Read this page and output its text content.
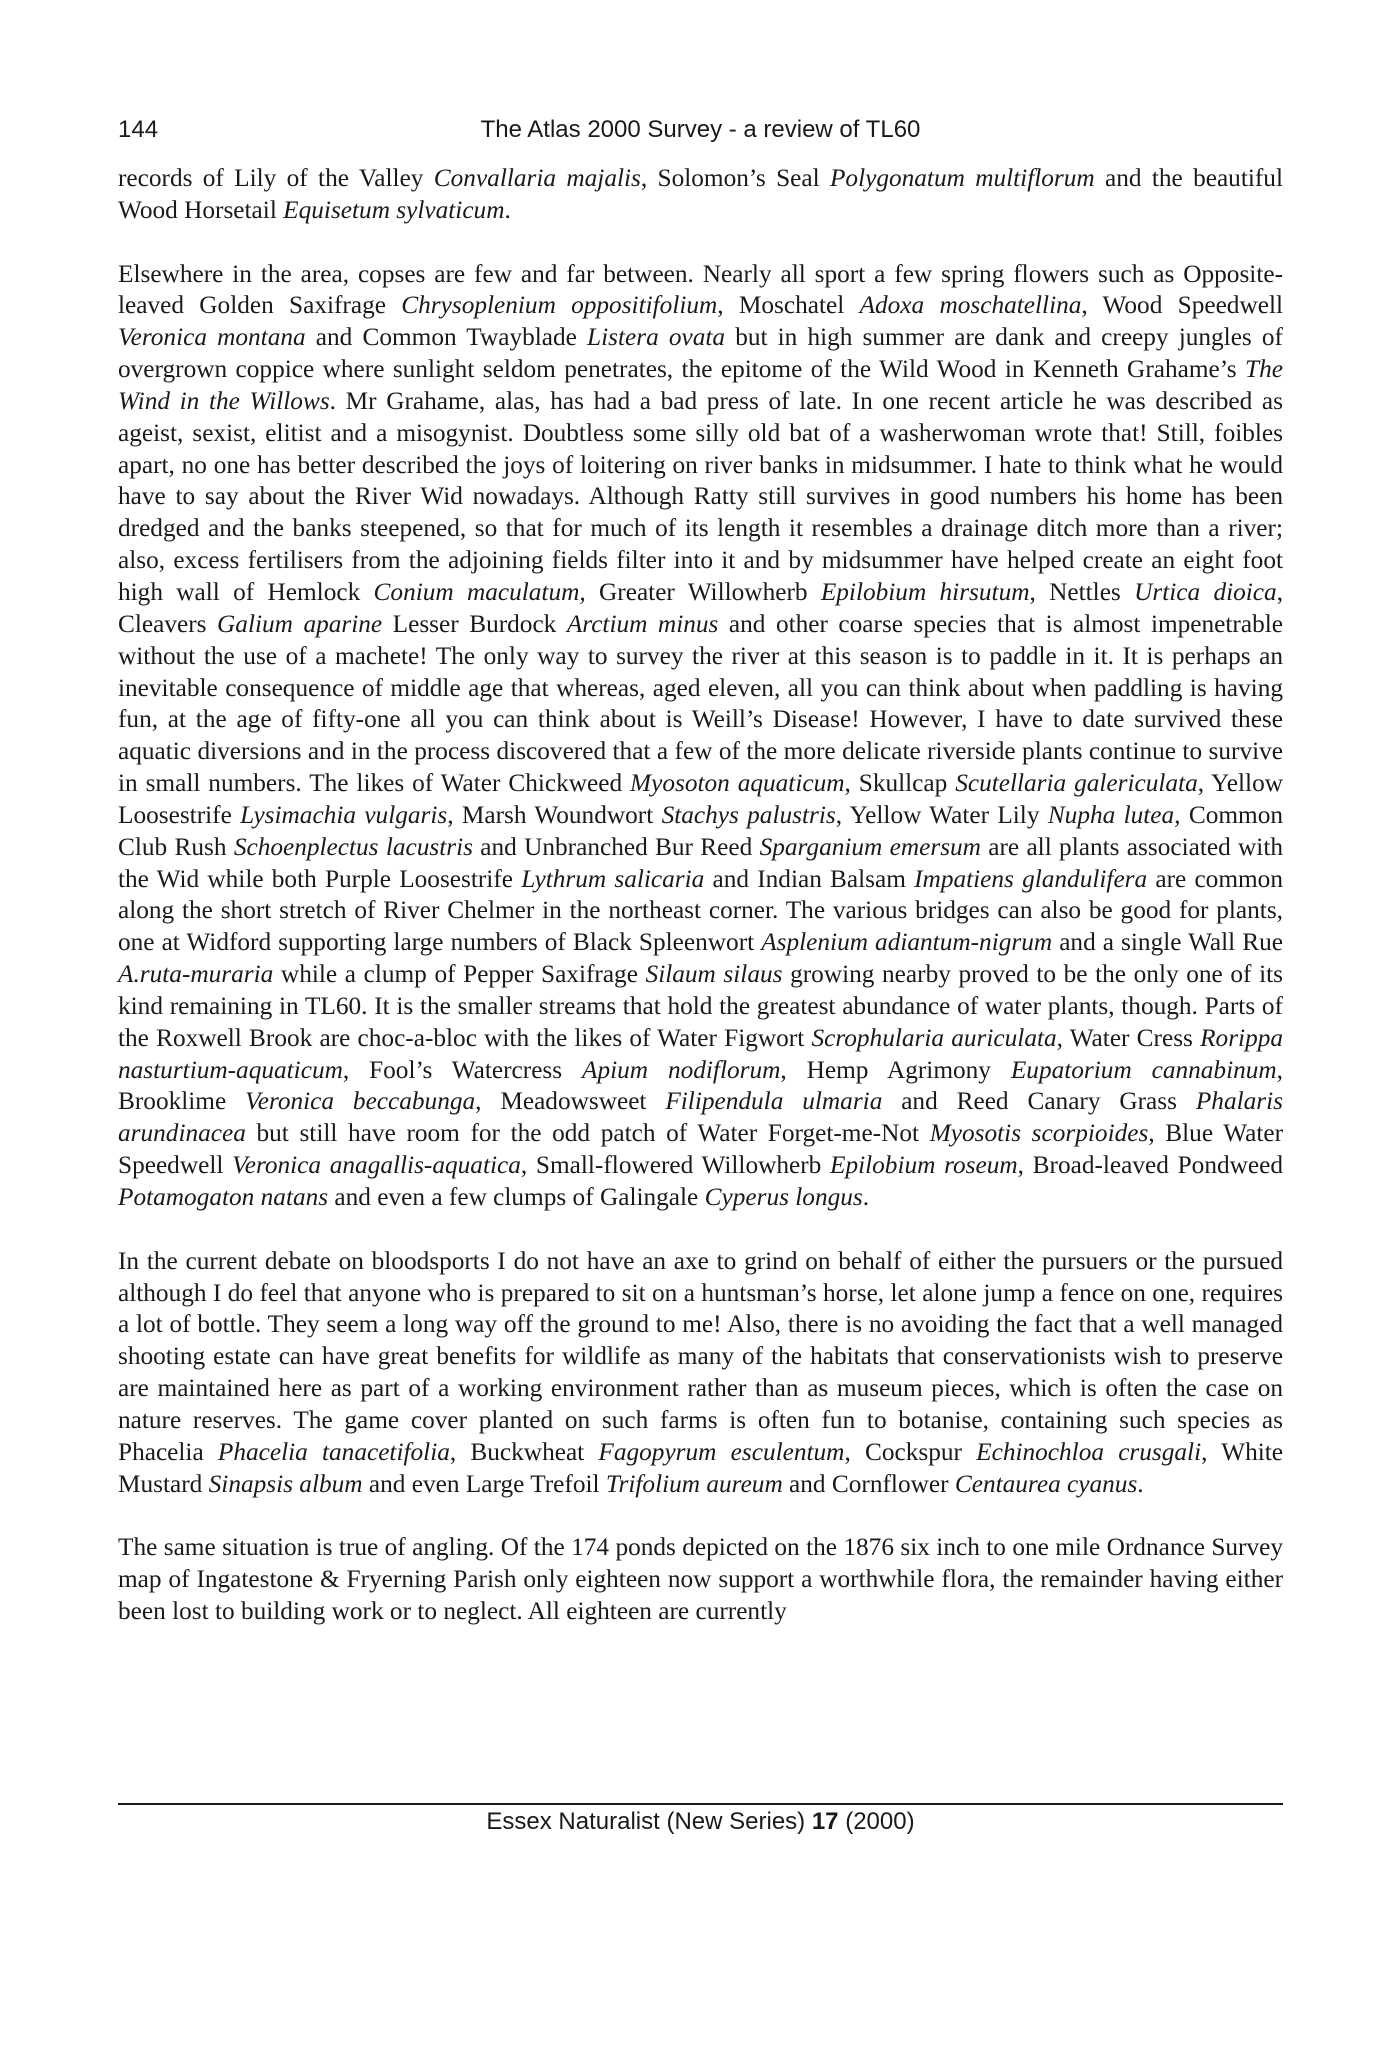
144	The Atlas 2000 Survey - a review of TL60

records of Lily of the Valley Convallaria majalis, Solomon’s Seal Polygonatum multiflorum and the beautiful Wood Horsetail Equisetum sylvaticum.

Elsewhere in the area, copses are few and far between. Nearly all sport a few spring flowers such as Opposite-leaved Golden Saxifrage Chrysoplenium oppositifolium, Moschatel Adoxa moschatellina, Wood Speedwell Veronica montana and Common Twayblade Listera ovata but in high summer are dank and creepy jungles of overgrown coppice where sunlight seldom penetrates, the epitome of the Wild Wood in Kenneth Grahame’s The Wind in the Willows. Mr Grahame, alas, has had a bad press of late. In one recent article he was described as ageist, sexist, elitist and a misogynist. Doubtless some silly old bat of a washerwoman wrote that! Still, foibles apart, no one has better described the joys of loitering on river banks in midsummer. I hate to think what he would have to say about the River Wid nowadays. Although Ratty still survives in good numbers his home has been dredged and the banks steepened, so that for much of its length it resembles a drainage ditch more than a river; also, excess fertilisers from the adjoining fields filter into it and by midsummer have helped create an eight foot high wall of Hemlock Conium maculatum, Greater Willowherb Epilobium hirsutum, Nettles Urtica dioica, Cleavers Galium aparine Lesser Burdock Arctium minus and other coarse species that is almost impenetrable without the use of a machete! The only way to survey the river at this season is to paddle in it. It is perhaps an inevitable consequence of middle age that whereas, aged eleven, all you can think about when paddling is having fun, at the age of fifty-one all you can think about is Weill’s Disease! However, I have to date survived these aquatic diversions and in the process discovered that a few of the more delicate riverside plants continue to survive in small numbers. The likes of Water Chickweed Myosoton aquaticum, Skullcap Scutellaria galericulata, Yellow Loosestrife Lysimachia vulgaris, Marsh Woundwort Stachys palustris, Yellow Water Lily Nupha lutea, Common Club Rush Schoenplectus lacustris and Unbranched Bur Reed Sparganium emersum are all plants associated with the Wid while both Purple Loosestrife Lythrum salicaria and Indian Balsam Impatiens glandulifera are common along the short stretch of River Chelmer in the northeast corner. The various bridges can also be good for plants, one at Widford supporting large numbers of Black Spleenwort Asplenium adiantum-nigrum and a single Wall Rue A.ruta-muraria while a clump of Pepper Saxifrage Silaum silaus growing nearby proved to be the only one of its kind remaining in TL60. It is the smaller streams that hold the greatest abundance of water plants, though. Parts of the Roxwell Brook are choc-a-bloc with the likes of Water Figwort Scrophularia auriculata, Water Cress Rorippa nasturtium-aquaticum, Fool’s Watercress Apium nodiflorum, Hemp Agrimony Eupatorium cannabinum, Brooklime Veronica beccabunga, Meadowsweet Filipendula ulmaria and Reed Canary Grass Phalaris arundinacea but still have room for the odd patch of Water Forget-me-Not Myosotis scorpioides, Blue Water Speedwell Veronica anagallis-aquatica, Small-flowered Willowherb Epilobium roseum, Broad-leaved Pondweed Potamogaton natans and even a few clumps of Galingale Cyperus longus.

In the current debate on bloodsports I do not have an axe to grind on behalf of either the pursuers or the pursued although I do feel that anyone who is prepared to sit on a huntsman’s horse, let alone jump a fence on one, requires a lot of bottle. They seem a long way off the ground to me! Also, there is no avoiding the fact that a well managed shooting estate can have great benefits for wildlife as many of the habitats that conservationists wish to preserve are maintained here as part of a working environment rather than as museum pieces, which is often the case on nature reserves. The game cover planted on such farms is often fun to botanise, containing such species as Phacelia Phacelia tanacetifolia, Buckwheat Fagopyrum esculentum, Cockspur Echinochloa crusgali, White Mustard Sinapsis album and even Large Trefoil Trifolium aureum and Cornflower Centaurea cyanus.

The same situation is true of angling. Of the 174 ponds depicted on the 1876 six inch to one mile Ordnance Survey map of Ingatestone & Fryerning Parish only eighteen now support a worthwhile flora, the remainder having either been lost to building work or to neglect. All eighteen are currently

Essex Naturalist (New Series) 17 (2000)
